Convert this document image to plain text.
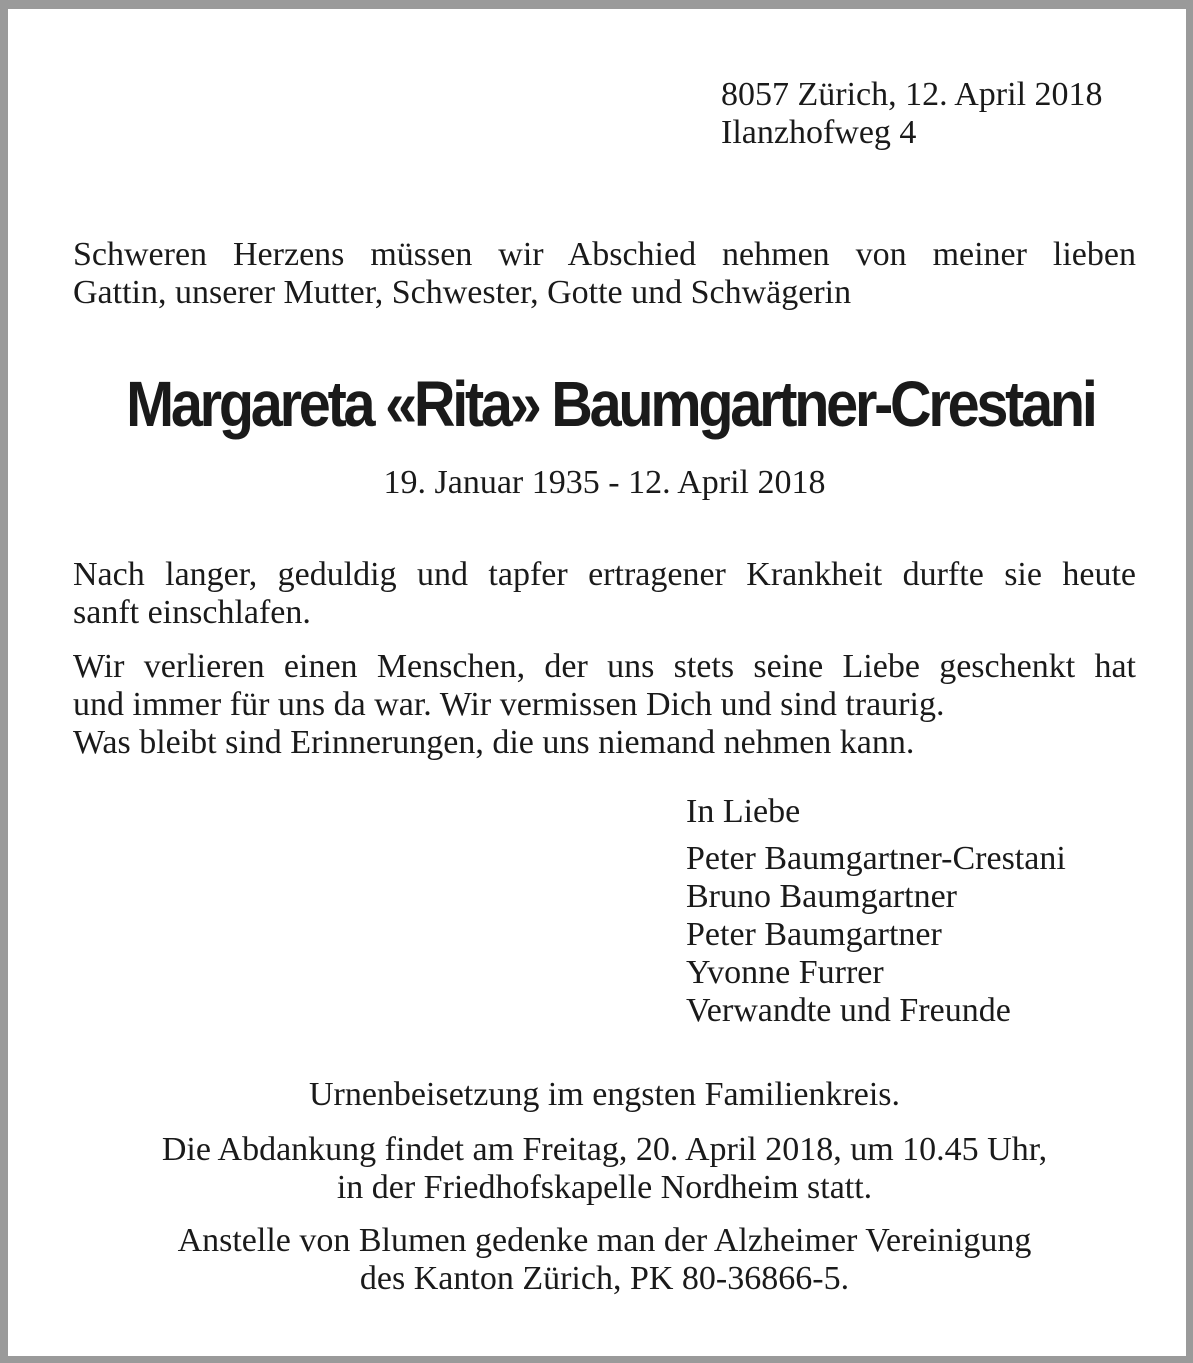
8057 Zürich, 12. April 2018
Ilanzhofweg 4
Schweren Herzens müssen wir Abschied nehmen von meiner lieben
Gattin, unserer Mutter, Schwester, Gotte und Schwägerin
Margareta «Rita» Baumgartner-Crestani
19. Januar 1935 - 12. April 2018
Nach langer, geduldig und tapfer ertragener Krankheit durfte sie heute
sanft einschlafen.
Wir verlieren einen Menschen, der uns stets seine Liebe geschenkt hat
und immer für uns da war. Wir vermissen Dich und sind traurig.
Was bleibt sind Erinnerungen, die uns niemand nehmen kann.
In Liebe
Peter Baumgartner-Crestani
Bruno Baumgartner
Peter Baumgartner
Yvonne Furrer
Verwandte und Freunde
Urnenbeisetzung im engsten Familienkreis.
Die Abdankung findet am Freitag, 20. April 2018, um 10.45 Uhr,
in der Friedhofskapelle Nordheim statt.
Anstelle von Blumen gedenke man der Alzheimer Vereinigung
des Kanton Zürich, PK 80-36866-5.
